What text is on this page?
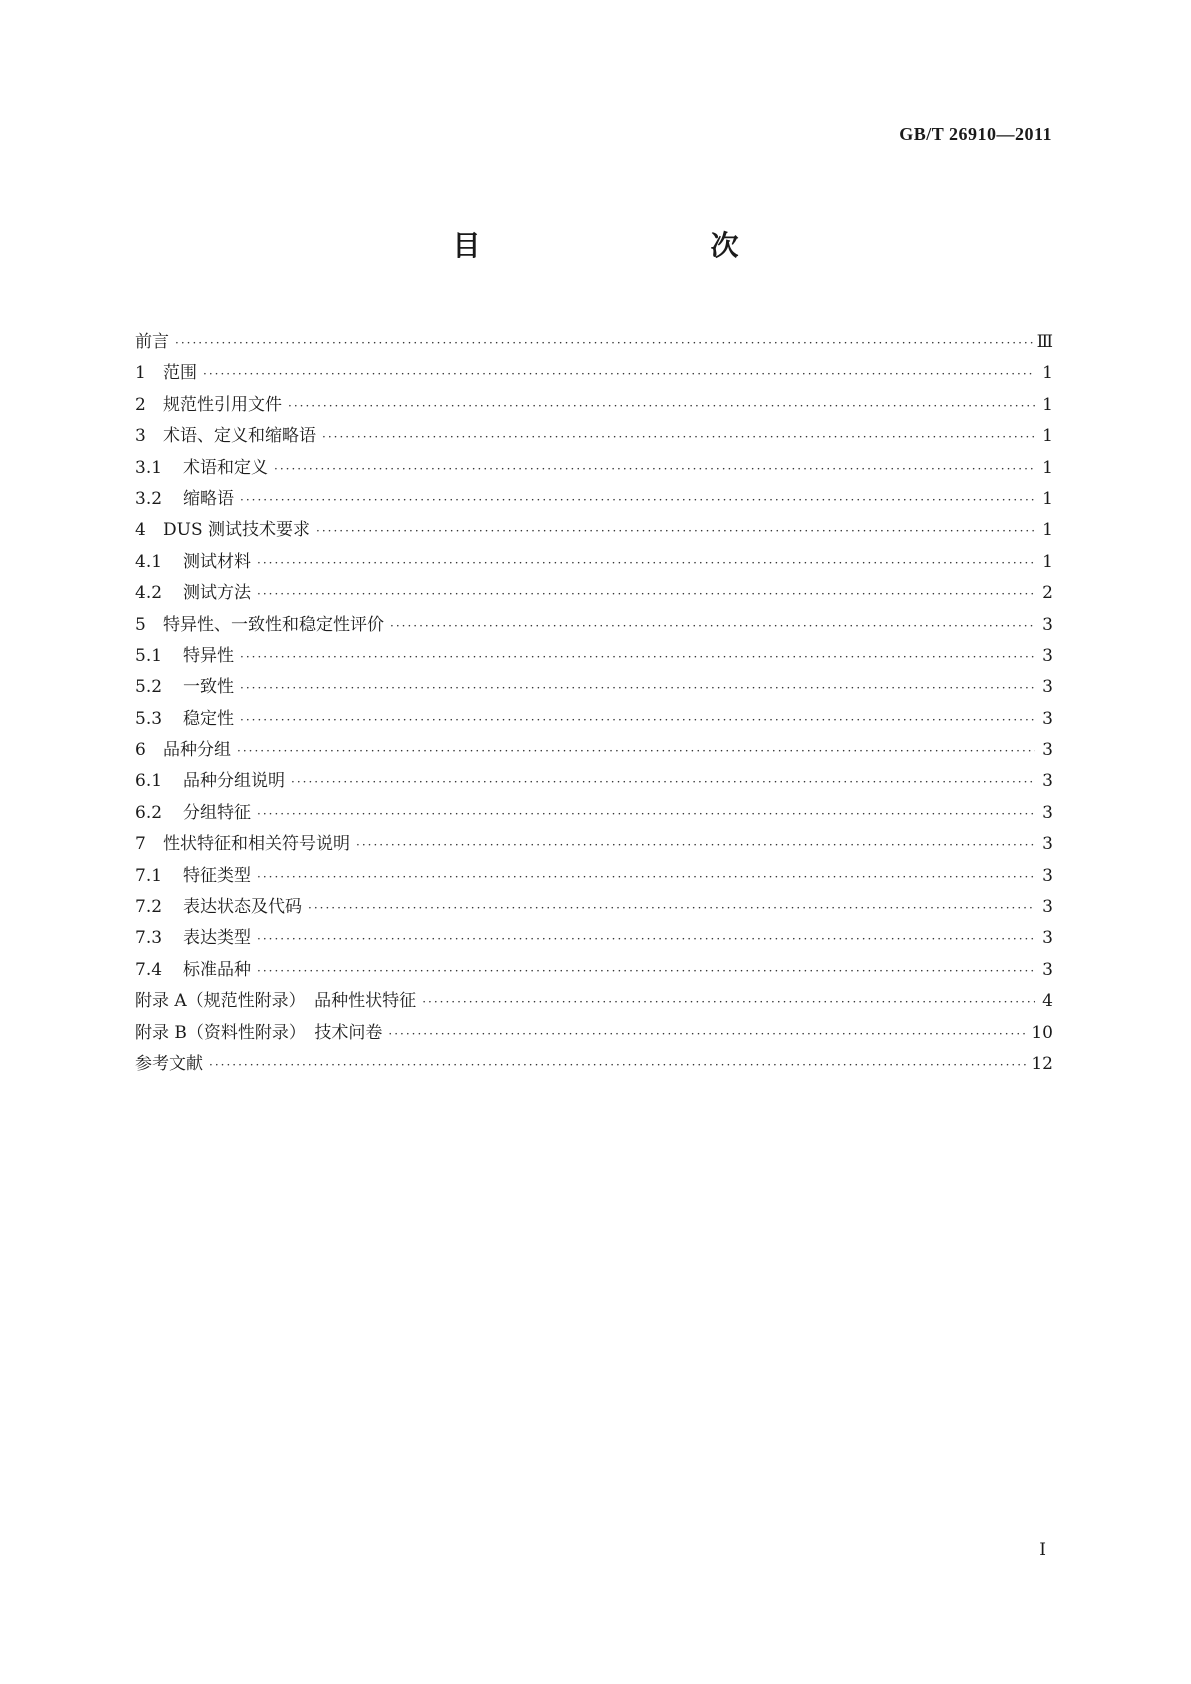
GB/T 26910—2011
目　　次
前言 ·····	Ⅲ
1	范围 ·····	1
2	规范性引用文件 ·····	1
3	术语、定义和缩略语 ·····	1
3.1	术语和定义 ·····	1
3.2	缩略语 ·····	1
4	DUS 测试技术要求 ·····	1
4.1	测试材料 ·····	1
4.2	测试方法 ·····	2
5	特异性、一致性和稳定性评价 ·····	3
5.1	特异性 ·····	3
5.2	一致性 ·····	3
5.3	稳定性 ·····	3
6	品种分组 ·····	3
6.1	品种分组说明 ·····	3
6.2	分组特征 ·····	3
7	性状特征和相关符号说明 ·····	3
7.1	特征类型 ·····	3
7.2	表达状态及代码 ·····	3
7.3	表达类型 ·····	3
7.4	标准品种 ·····	3
附录 A（规范性附录）　品种性状特征 ·····	4
附录 B（资料性附录）　技术问卷 ·····	10
参考文献 ·····	12
Ⅰ
